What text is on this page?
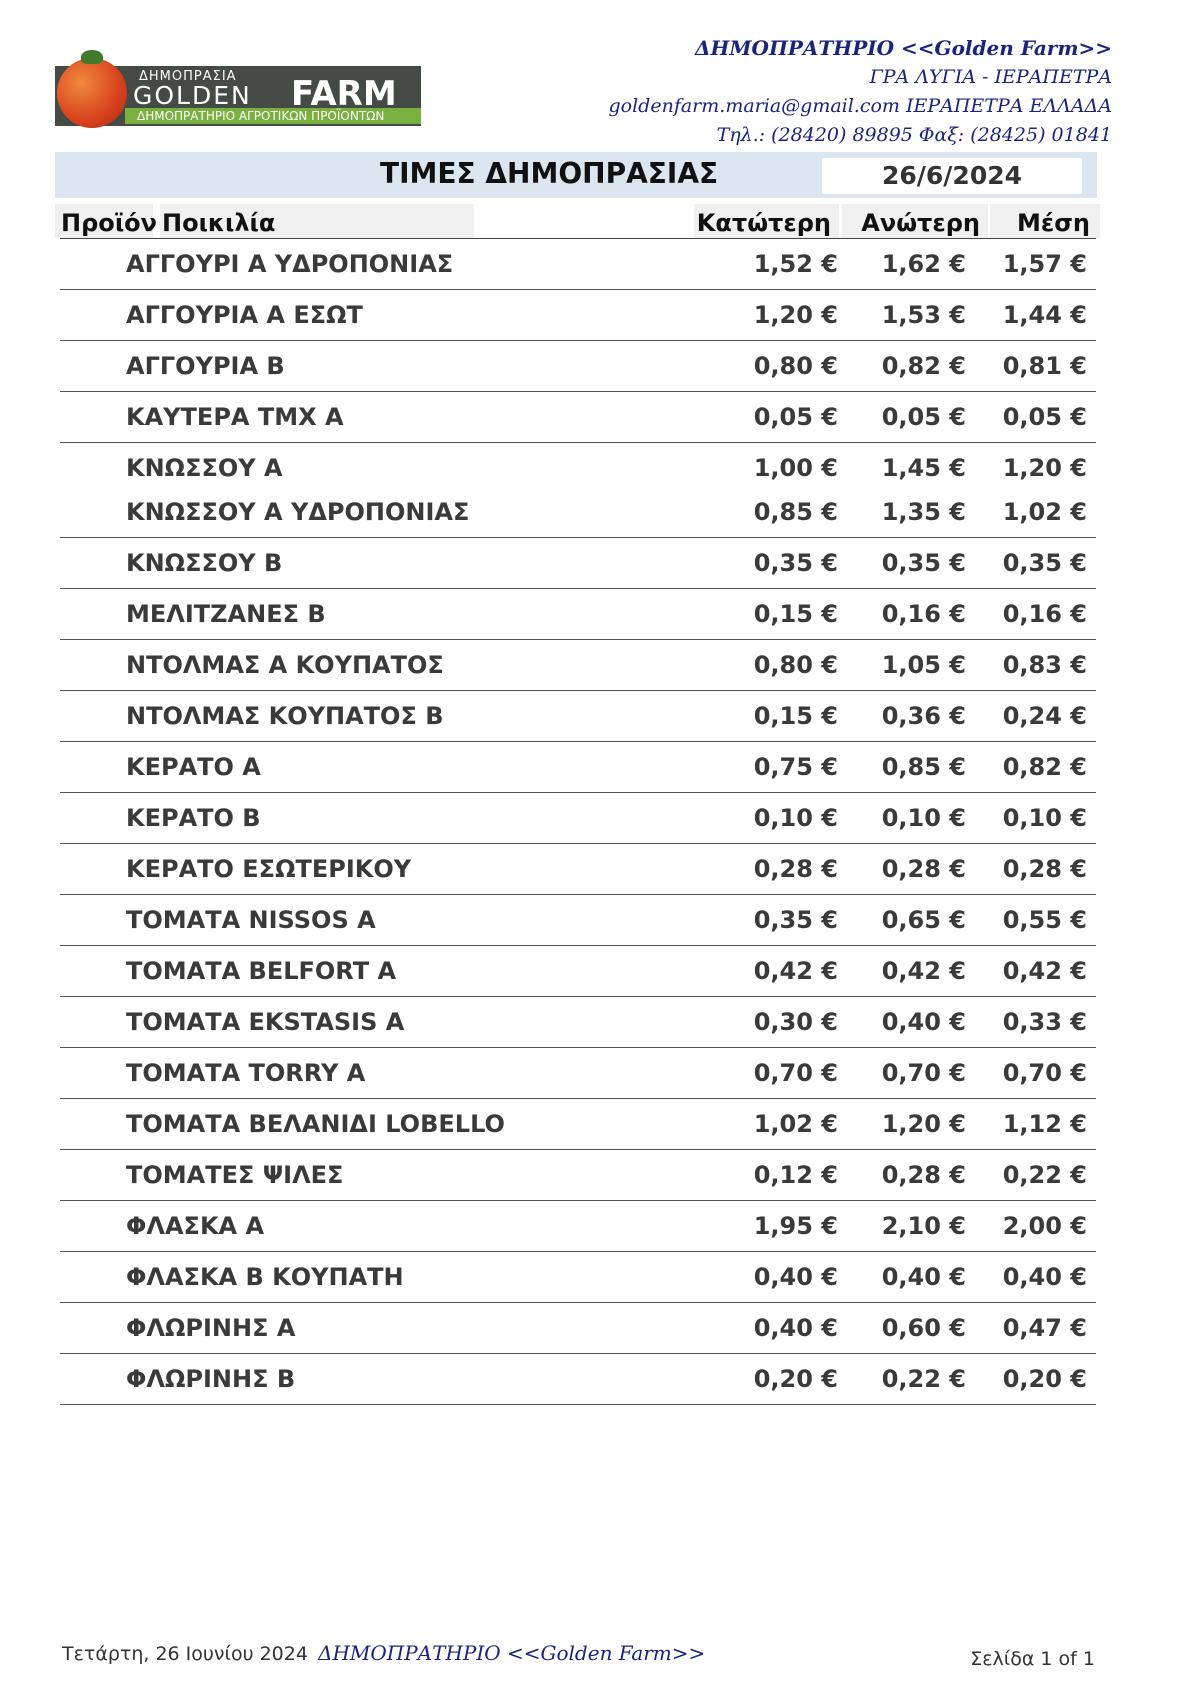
ΔΗΜΟΠΡΑΣΙΑ
GOLDEN FARM
ΔΗΜΟΠΡΑΤΗΡΙΟ ΑΓΡΟΤΙΚΩΝ ΠΡΟΪΟΝΤΩΝ
ΔΗΜΟΠΡΑΤΗΡΙΟ <<Golden Farm>>
ΓΡΑ ΛΥΓΙΑ - ΙΕΡΑΠΕΤΡΑ
goldenfarm.maria@gmail.com ΙΕΡΑΠΕΤΡΑ ΕΛΛΑΔΑ
Τηλ.: (28420) 89895 Φαξ: (28425) 01841
ΤΙΜΕΣ ΔΗΜΟΠΡΑΣΙΑΣ	26/6/2024
Προϊόν Ποικιλία	Κατώτερη	Ανώτερη	Μέση
ΑΓΓΟΥΡΙ Α ΥΔΡΟΠΟΝΙΑΣ	1,52 € 1,62 € 1,57 €
ΑΓΓΟΥΡΙΑ Α ΕΣΩΤ	1,20 € 1,53 € 1,44 €
ΑΓΓΟΥΡΙΑ Β	0,80 € 0,82 € 0,81 €
ΚΑΥΤΕΡΑ ΤΜΧ Α	0,05 € 0,05 € 0,05 €
ΚΝΩΣΣΟΥ Α	1,00 € 1,45 € 1,20 €
ΚΝΩΣΣΟΥ Α ΥΔΡΟΠΟΝΙΑΣ	0,85 € 1,35 € 1,02 €
ΚΝΩΣΣΟΥ Β	0,35 € 0,35 € 0,35 €
ΜΕΛΙΤΖΑΝΕΣ Β	0,15 € 0,16 € 0,16 €
ΝΤΟΛΜΑΣ Α ΚΟΥΠΑΤΟΣ	0,80 € 1,05 € 0,83 €
ΝΤΟΛΜΑΣ ΚΟΥΠΑΤΟΣ Β	0,15 € 0,36 € 0,24 €
ΚΕΡΑΤΟ Α	0,75 € 0,85 € 0,82 €
ΚΕΡΑΤΟ Β	0,10 € 0,10 € 0,10 €
ΚΕΡΑΤΟ ΕΣΩΤΕΡΙΚΟΥ	0,28 € 0,28 € 0,28 €
ΤΟΜΑΤΑ NISSOS A	0,35 € 0,65 € 0,55 €
ΤΟΜΑΤΑ BELFORT A	0,42 € 0,42 € 0,42 €
ΤΟΜΑΤΑ EKSTASIS A	0,30 € 0,40 € 0,33 €
ΤΟΜΑΤΑ TORRY A	0,70 € 0,70 € 0,70 €
ΤΟΜΑΤΑ ΒΕΛΑΝΙΔΙ LOBELLO	1,02 € 1,20 € 1,12 €
ΤΟΜΑΤΕΣ ΨΙΛΕΣ	0,12 € 0,28 € 0,22 €
ΦΛΑΣΚΑ Α	1,95 € 2,10 € 2,00 €
ΦΛΑΣΚΑ Β ΚΟΥΠΑΤΗ	0,40 € 0,40 € 0,40 €
ΦΛΩΡΙΝΗΣ Α	0,40 € 0,60 € 0,47 €
ΦΛΩΡΙΝΗΣ Β	0,20 € 0,22 € 0,20 €
Τετάρτη, 26 Ιουνίου 2024 ΔΗΜΟΠΡΑΤΗΡΙΟ <<Golden Farm>>	Σελίδα 1 of 1
